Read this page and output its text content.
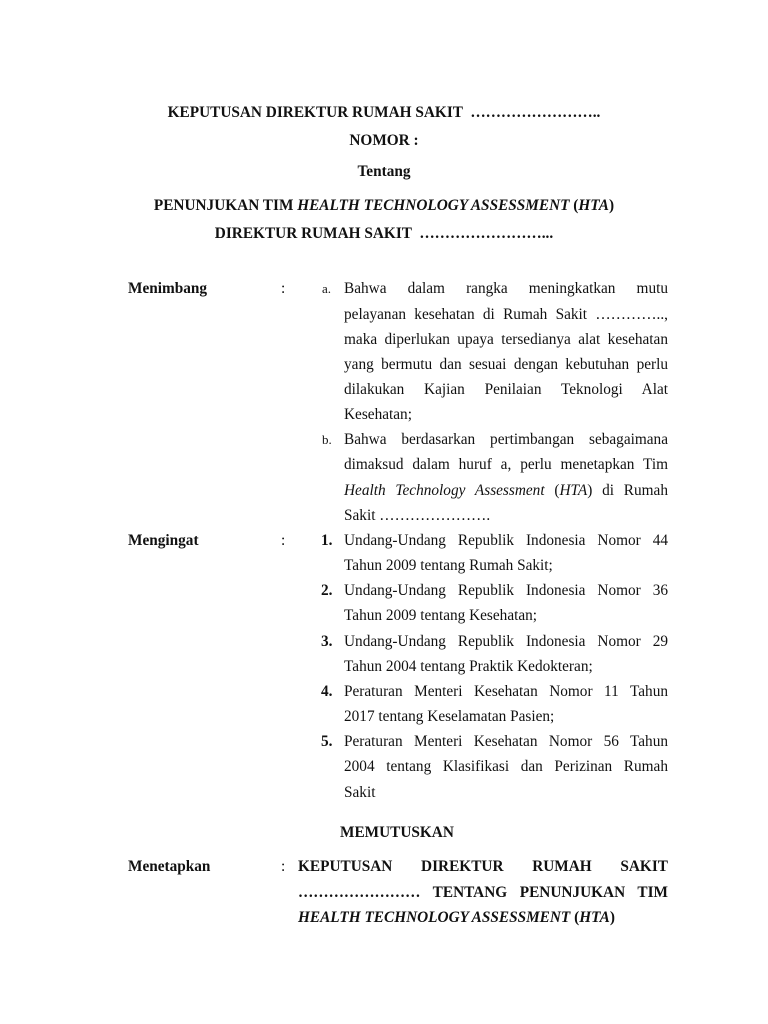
KEPUTUSAN DIREKTUR RUMAH SAKIT  ……………………..
NOMOR :
Tentang
PENUNJUKAN TIM HEALTH TECHNOLOGY ASSESSMENT (HTA)
DIREKTUR RUMAH SAKIT  ……………………...
Menimbang	:	a. Bahwa dalam rangka meningkatkan mutu
pelayanan kesehatan di Rumah Sakit …………..,
maka diperlukan upaya tersedianya alat kesehatan
yang bermutu dan sesuai dengan kebutuhan perlu
dilakukan Kajian Penilaian Teknologi Alat
Kesehatan;
b. Bahwa berdasarkan pertimbangan sebagaimana
dimaksud dalam huruf a, perlu menetapkan Tim
Health Technology Assessment (HTA) di Rumah
Sakit ………………….
Mengingat	:	1. Undang-Undang Republik Indonesia Nomor 44
Tahun 2009 tentang Rumah Sakit;
2. Undang-Undang Republik Indonesia Nomor 36
Tahun 2009 tentang Kesehatan;
3. Undang-Undang Republik Indonesia Nomor 29
Tahun 2004 tentang Praktik Kedokteran;
4. Peraturan Menteri Kesehatan Nomor 11 Tahun
2017 tentang Keselamatan Pasien;
5. Peraturan Menteri Kesehatan Nomor 56 Tahun
2004 tentang Klasifikasi dan Perizinan Rumah
Sakit
MEMUTUSKAN
Menetapkan	: KEPUTUSAN DIREKTUR RUMAH SAKIT
…………………… TENTANG PENUNJUKAN TIM
HEALTH TECHNOLOGY ASSESSMENT (HTA)
